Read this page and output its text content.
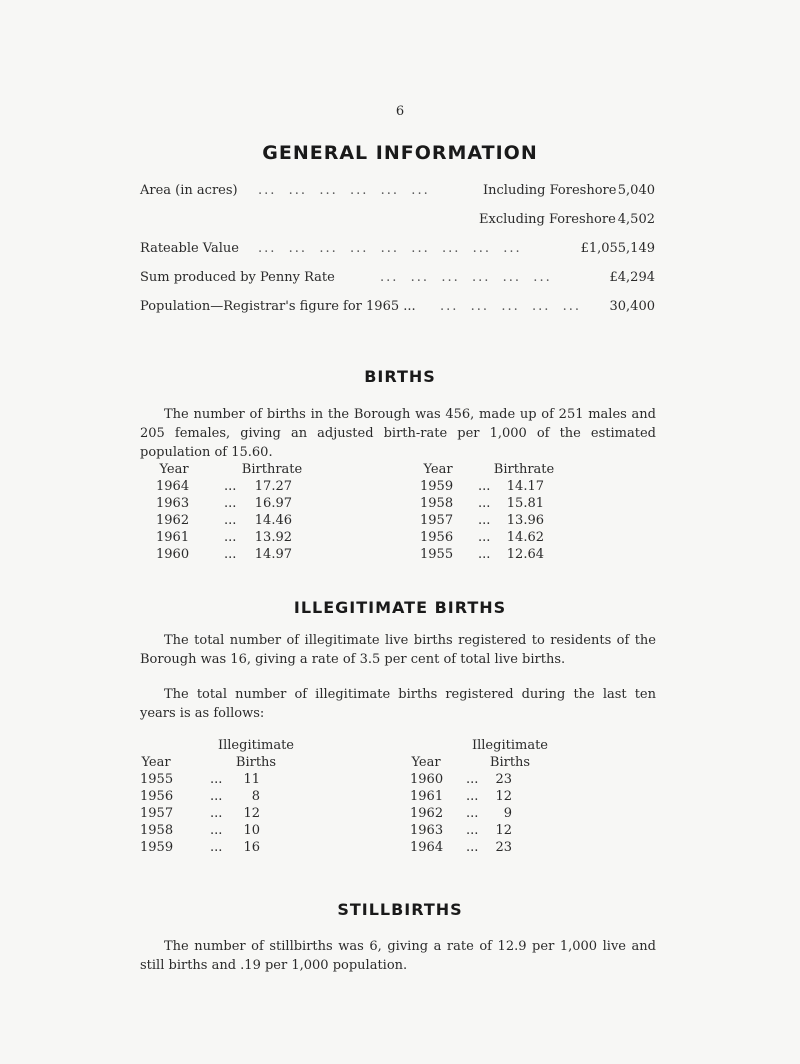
6
GENERAL INFORMATION
Area (in acres) ...  ...  ...  ...  ...  ...	Including Foreshore 5,040
Excluding Foreshore 4,502
Rateable Value ...  ...  ...  ...  ...  ...  ...  ...  ...	£1,055,149
Sum produced by Penny Rate	...  ...  ...  ...  ...  ...	£4,294
Population—Registrar's figure for 1965 ... ...  ...  ...  ...  ... 30,400
BIRTHS
The number of births in the Borough was 456, made up of 251 males and 205 females, giving an adjusted birth-rate per 1,000 of the estimated population of 15.60.
Year	Birthrate
1964	...	17.27
1963	...	16.97
1962	...	14.46
1961	...	13.92
1960	...	14.97
Year	Birthrate
1959 ...	14.17
1958 ...	15.81
1957 ...	13.96
1956 ...	14.62
1955 ...	12.64
ILLEGITIMATE BIRTHS
The total number of illegitimate live births registered to residents of the Borough was 16, giving a rate of 3.5 per cent of total live births.
The total number of illegitimate births registered during the last ten years is as follows:
Illegitimate
Year	Births
1955	...	11
1956	...	8
1957	...	12
1958	...	10
1959	...	16
Illegitimate
Year	Births
1960 ...	23
1961 ...	12
1962 ...	9
1963 ...	12
1964 ...	23
STILLBIRTHS
The number of stillbirths was 6, giving a rate of 12.9 per 1,000 live and still births and .19 per 1,000 population.
